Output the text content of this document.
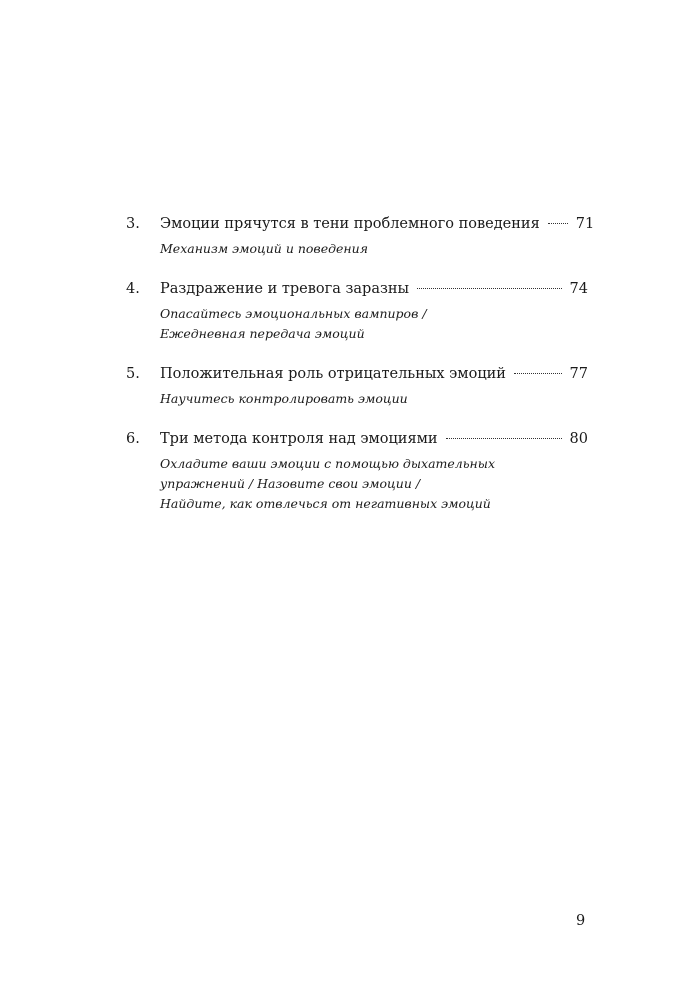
3.	Эмоции прячутся в тени проблемного поведения 71
Механизм эмоций и поведения
4.	Раздражение и тревога заразны	74
Опасайтесь эмоциональных вампиров /
Ежедневная передача эмоций
5.	Положительная роль отрицательных эмоций	77
Научитесь контролировать эмоции
6.	Три метода контроля над эмоциями	80
Охладите ваши эмоции с помощью дыхательных
упражнений / Назовите свои эмоции /
Найдите, как отвлечься от негативных эмоций
9
